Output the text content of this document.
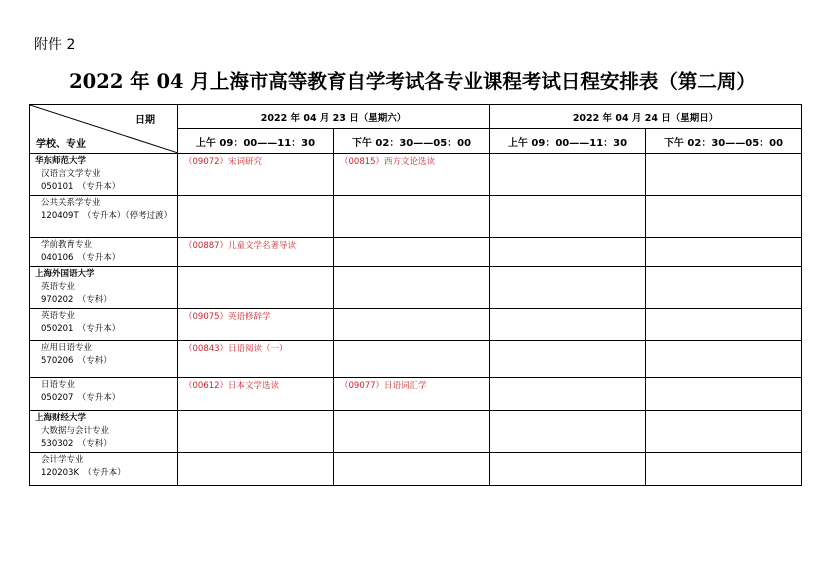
附件 2
2022 年 04 月上海市高等教育自学考试各专业课程考试日程安排表（第二周）
日期
学校、专业	2022 年 04 月 23 日（星期六）		2022 年 04 月 24 日（星期日）	
	上午 09：00——11：30	下午 02：30——05：00	上午 09：00——11：30	下午 02：30——05：00

华东师范大学
汉语言文学专业
050101　（专升本）	（09072）宋词研究	（00815）西方文论选读		

公共关系学专业
120409T　（专升本）（停考过渡）				

学前教育专业
040106　（专升本）	（00887）儿童文学名著导读			

上海外国语大学
英语专业
970202　（专科）				

英语专业
050201　（专升本）	（09075）英语修辞学			

应用日语专业
570206　（专科）	（00843）日语阅读（一）			

日语专业
050207　（专升本）	（00612）日本文学选读	（09077）日语词汇学		

上海财经大学
大数据与会计专业
530302　（专科）				

会计学专业
120203K　（专升本）				
